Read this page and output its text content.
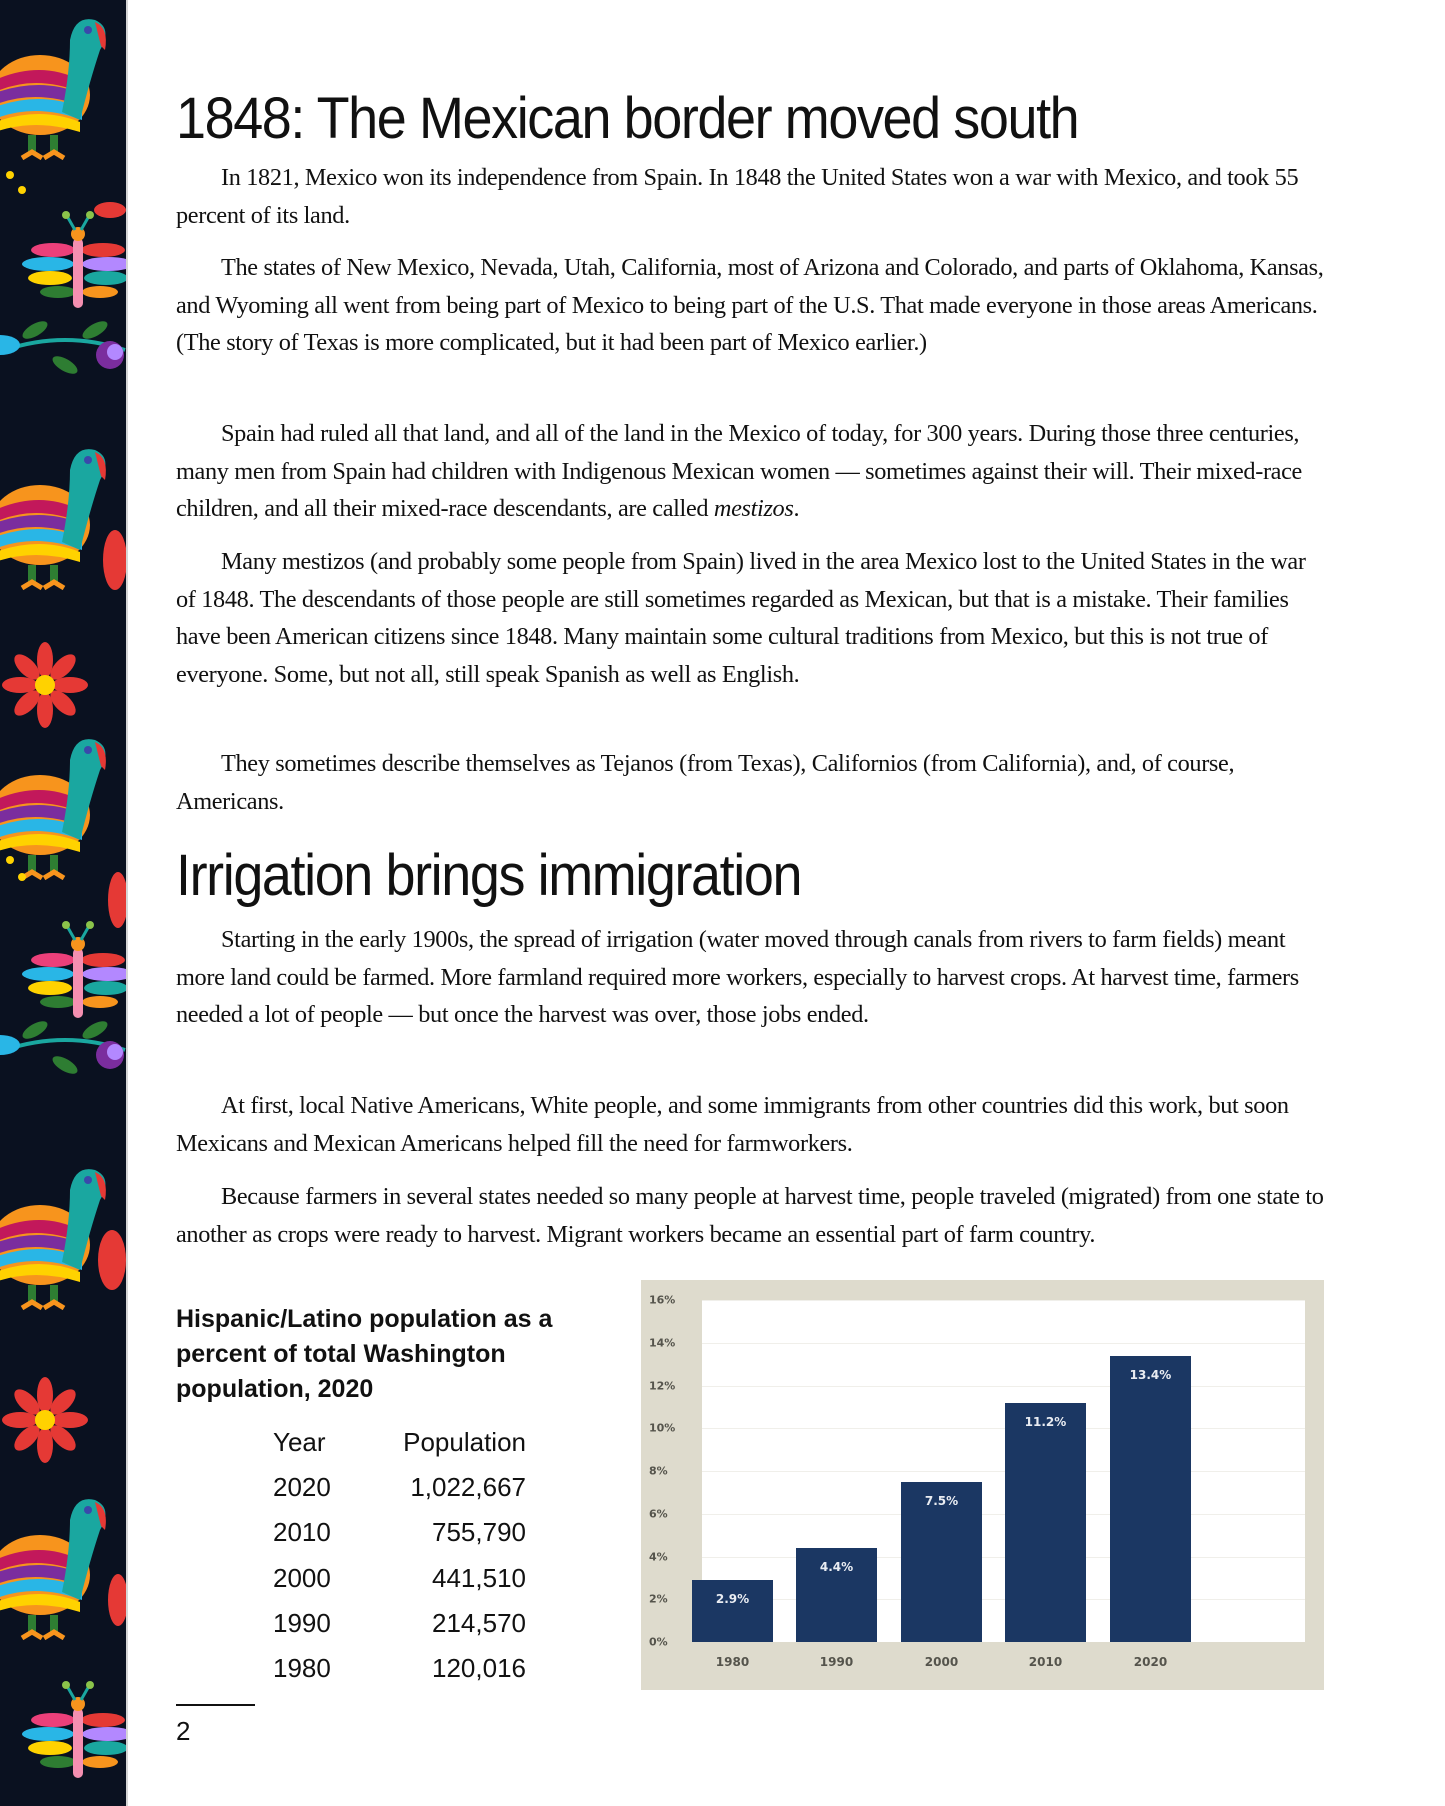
1848: The Mexican border moved south

In 1821, Mexico won its independence from Spain. In 1848 the United States won a war with Mexico, and took 55 percent of its land.

The states of New Mexico, Nevada, Utah, California, most of Arizona and Colorado, and parts of Oklahoma, Kansas, and Wyoming all went from being part of Mexico to being part of the U.S. That made everyone in those areas Americans. (The story of Texas is more complicated, but it had been part of Mexico earlier.)

Spain had ruled all that land, and all of the land in the Mexico of today, for 300 years. During those three centuries, many men from Spain had children with Indigenous Mexican women — sometimes against their will. Their mixed-race children, and all their mixed-race descendants, are called mestizos.

Many mestizos (and probably some people from Spain) lived in the area Mexico lost to the United States in the war of 1848. The descendants of those people are still sometimes regarded as Mexican, but that is a mistake. Their families have been American citizens since 1848. Many maintain some cultural traditions from Mexico, but this is not true of everyone. Some, but not all, still speak Spanish as well as English.

They sometimes describe themselves as Tejanos (from Texas), Californios (from California), and, of course, Americans.

Irrigation brings immigration

Starting in the early 1900s, the spread of irrigation (water moved through canals from rivers to farm fields) meant more land could be farmed. More farmland required more workers, especially to harvest crops. At harvest time, farmers needed a lot of people — but once the harvest was over, those jobs ended.

At first, local Native Americans, White people, and some immigrants from other countries did this work, but soon Mexicans and Mexican Americans helped fill the need for farmworkers.

Because farmers in several states needed so many people at harvest time, people traveled (migrated) from one state to another as crops were ready to harvest. Migrant workers became an essential part of farm country.

Hispanic/Latino population as a percent of total Washington population, 2020
Year	Population
2020	1,022,667
2010	755,790
2000	441,510
1990	214,570
1980	120,016
2
0%
2%
4%
6%
8%
10%
12%
14%
16%
2.9%
4.4%
7.5%
11.2%
13.4%
1980	1990	2000	2010	2020
